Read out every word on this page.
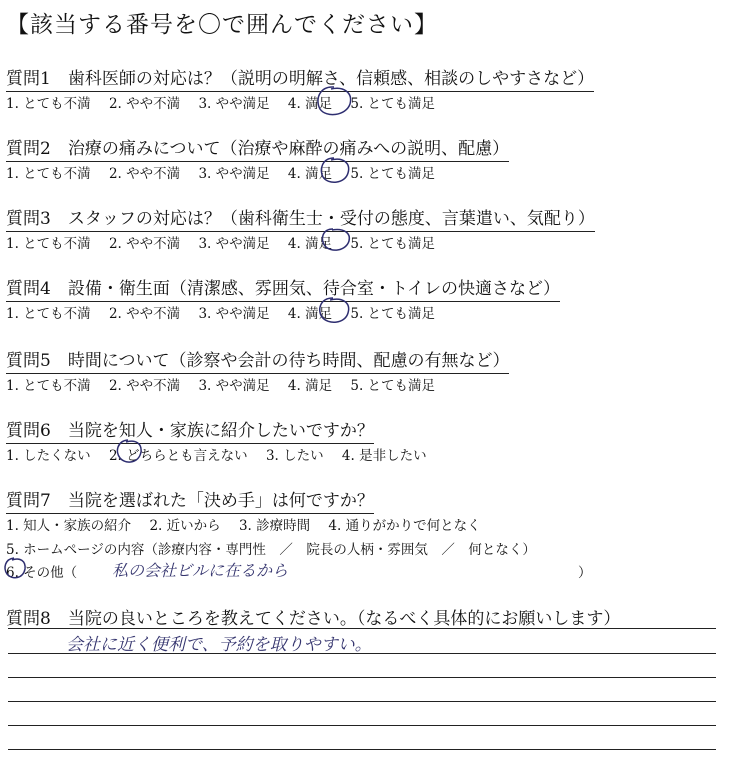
【該当する番号を〇で囲んでください】
質問1　歯科医師の対応は？（説明の明解さ、信頼感、相談のしやすさなど）
1. とても不満 2. やや不満 3. やや満足 4. 満足 5. とても満足
質問2　治療の痛みについて（治療や麻酔の痛みへの説明、配慮）
1. とても不満 2. やや不満 3. やや満足 4. 満足 5. とても満足
質問3　スタッフの対応は？（歯科衛生士・受付の態度、言葉遣い、気配り）
1. とても不満 2. やや不満 3. やや満足 4. 満足 5. とても満足
質問4　設備・衛生面（清潔感、雰囲気、待合室・トイレの快適さなど）
1. とても不満 2. やや不満 3. やや満足 4. 満足 5. とても満足
質問5　時間について（診察や会計の待ち時間、配慮の有無など）
1. とても不満 2. やや不満 3. やや満足 4. 満足 5. とても満足
質問6　当院を知人・家族に紹介したいですか？
1. したくない 2. どちらとも言えない 3. したい 4. 是非したい
質問7　当院を選ばれた「決め手」は何ですか？
1. 知人・家族の紹介 2. 近いから 3. 診療時間 4. 通りがかりで何となく
5. ホームページの内容（診療内容・専門性　／　院長の人柄・雰囲気　／　何となく）
6. その他（ 私の会社ビルに在るから	）
質問8　当院の良いところを教えてください。（なるべく具体的にお願いします）
会社に近く便利で、予約を取りやすい。
